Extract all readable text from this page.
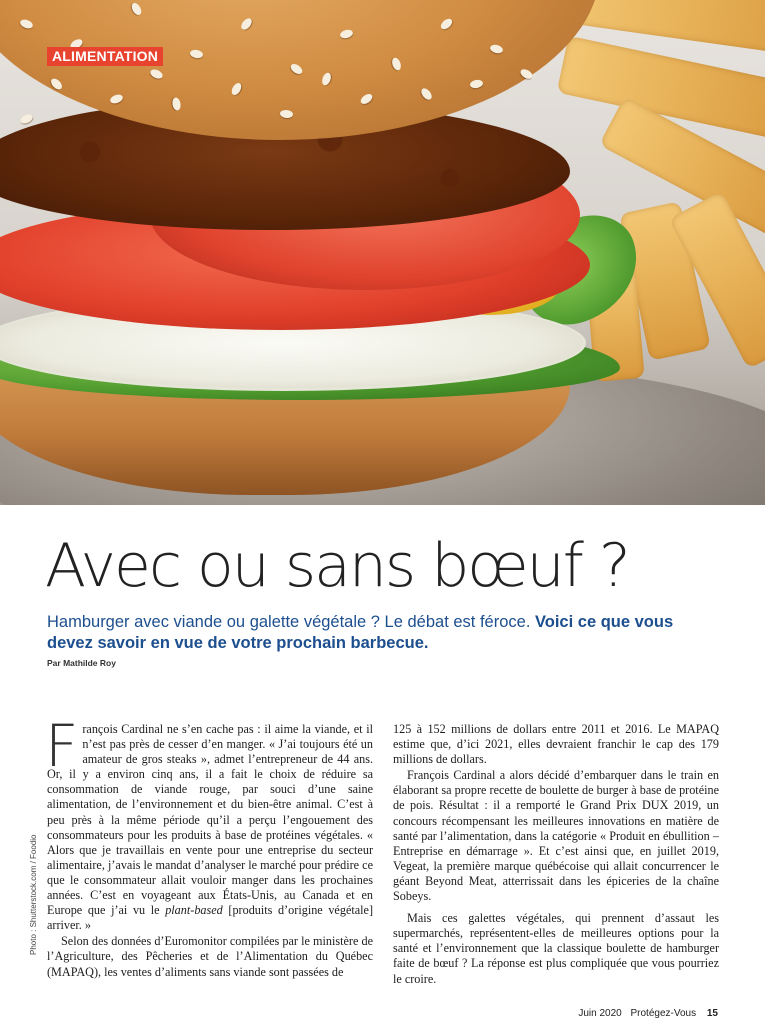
ALIMENTATION
Avec ou sans bœuf ?

Hamburger avec viande ou galette végétale ? Le débat est féroce. Voici ce que vous devez savoir en vue de votre prochain barbecue.

Par Mathilde Roy

Photo : Shutterstock.com / Foodio

François Cardinal ne s’en cache pas : il aime la viande, et il n’est pas près de cesser d’en manger. « J’ai toujours été un amateur de gros steaks », admet l’entrepreneur de 44 ans. Or, il y a environ cinq ans, il a fait le choix de réduire sa consommation de viande rouge, par souci d’une saine alimentation, de l’environnement et du bien-être animal. C’est à peu près à la même période qu’il a perçu l’engouement des consommateurs pour les produits à base de protéines végétales. « Alors que je travaillais en vente pour une entreprise du secteur alimentaire, j’avais le mandat d’analyser le marché pour prédire ce que le consommateur allait vouloir manger dans les prochaines années. C’est en voyageant aux États-Unis, au Canada et en Europe que j’ai vu le plant-based [produits d’origine végétale] arriver. »

Selon des données d’Euromonitor compilées par le ministère de l’Agriculture, des Pêcheries et de l’Alimentation du Québec (MAPAQ), les ventes d’aliments sans viande sont passées de

125 à 152 millions de dollars entre 2011 et 2016. Le MAPAQ estime que, d’ici 2021, elles devraient franchir le cap des 179 millions de dollars.

François Cardinal a alors décidé d’embarquer dans le train en élaborant sa propre recette de boulette de burger à base de protéine de pois. Résultat : il a remporté le Grand Prix DUX 2019, un concours récompensant les meilleures innovations en matière de santé par l’alimentation, dans la catégorie « Produit en ébullition – Entreprise en démarrage ». Et c’est ainsi que, en juillet 2019, Vegeat, la première marque québécoise qui allait concurrencer le géant Beyond Meat, atterrissait dans les épiceries de la chaîne Sobeys.

Mais ces galettes végétales, qui prennent d’assaut les supermarchés, représentent-elles de meilleures options pour la santé et l’environnement que la classique boulette de hamburger faite de bœuf ? La réponse est plus compliquée que vous pourriez le croire.

Juin 2020 Protégez-Vous 15
